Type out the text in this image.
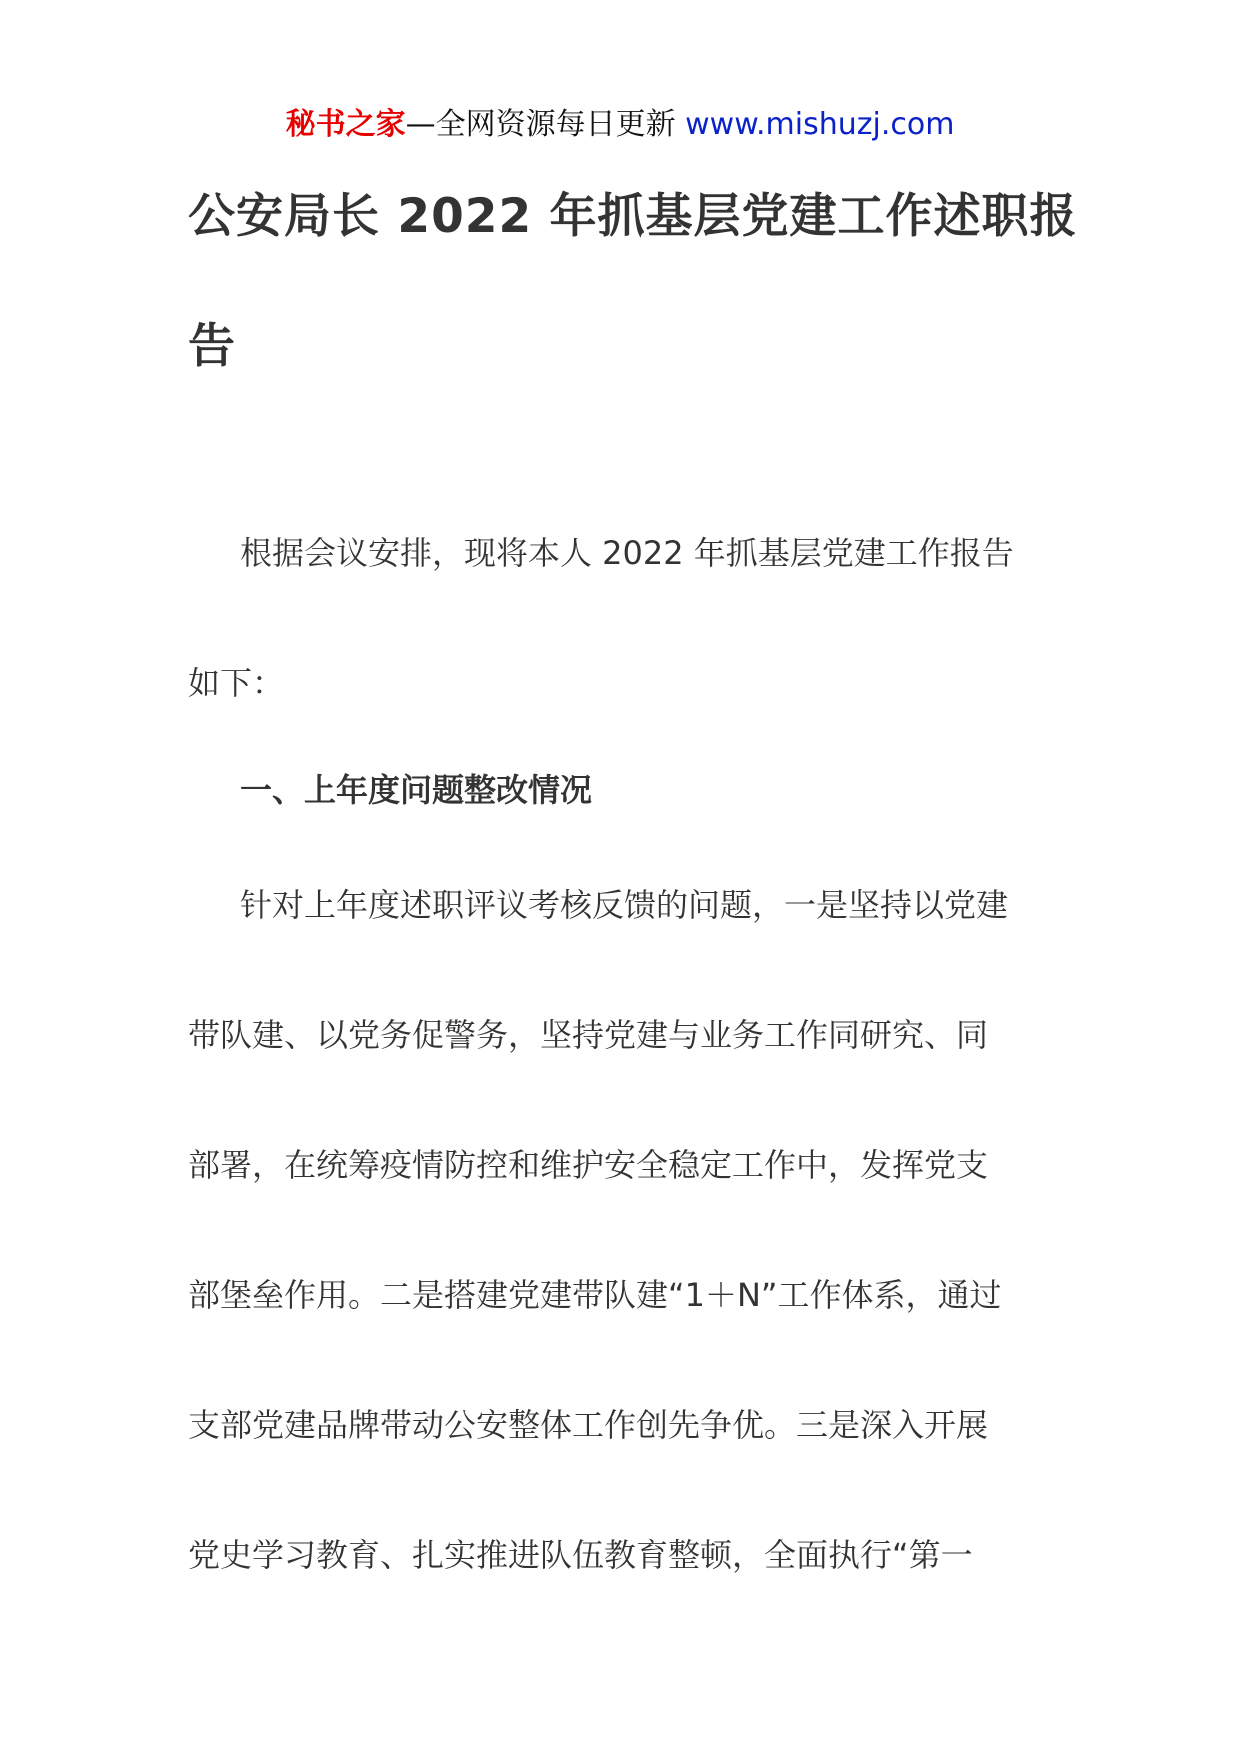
秘书之家—全网资源每日更新 www.mishuzj.com
公安局长 2022 年抓基层党建工作述职报
告
根据会议安排，现将本人 2022 年抓基层党建工作报告
如下：
一、上年度问题整改情况
针对上年度述职评议考核反馈的问题，一是坚持以党建
带队建、以党务促警务，坚持党建与业务工作同研究、同
部署，在统筹疫情防控和维护安全稳定工作中，发挥党支
部堡垒作用。二是搭建党建带队建“1＋N”工作体系，通过
支部党建品牌带动公安整体工作创先争优。三是深入开展
党史学习教育、扎实推进队伍教育整顿，全面执行“第一
